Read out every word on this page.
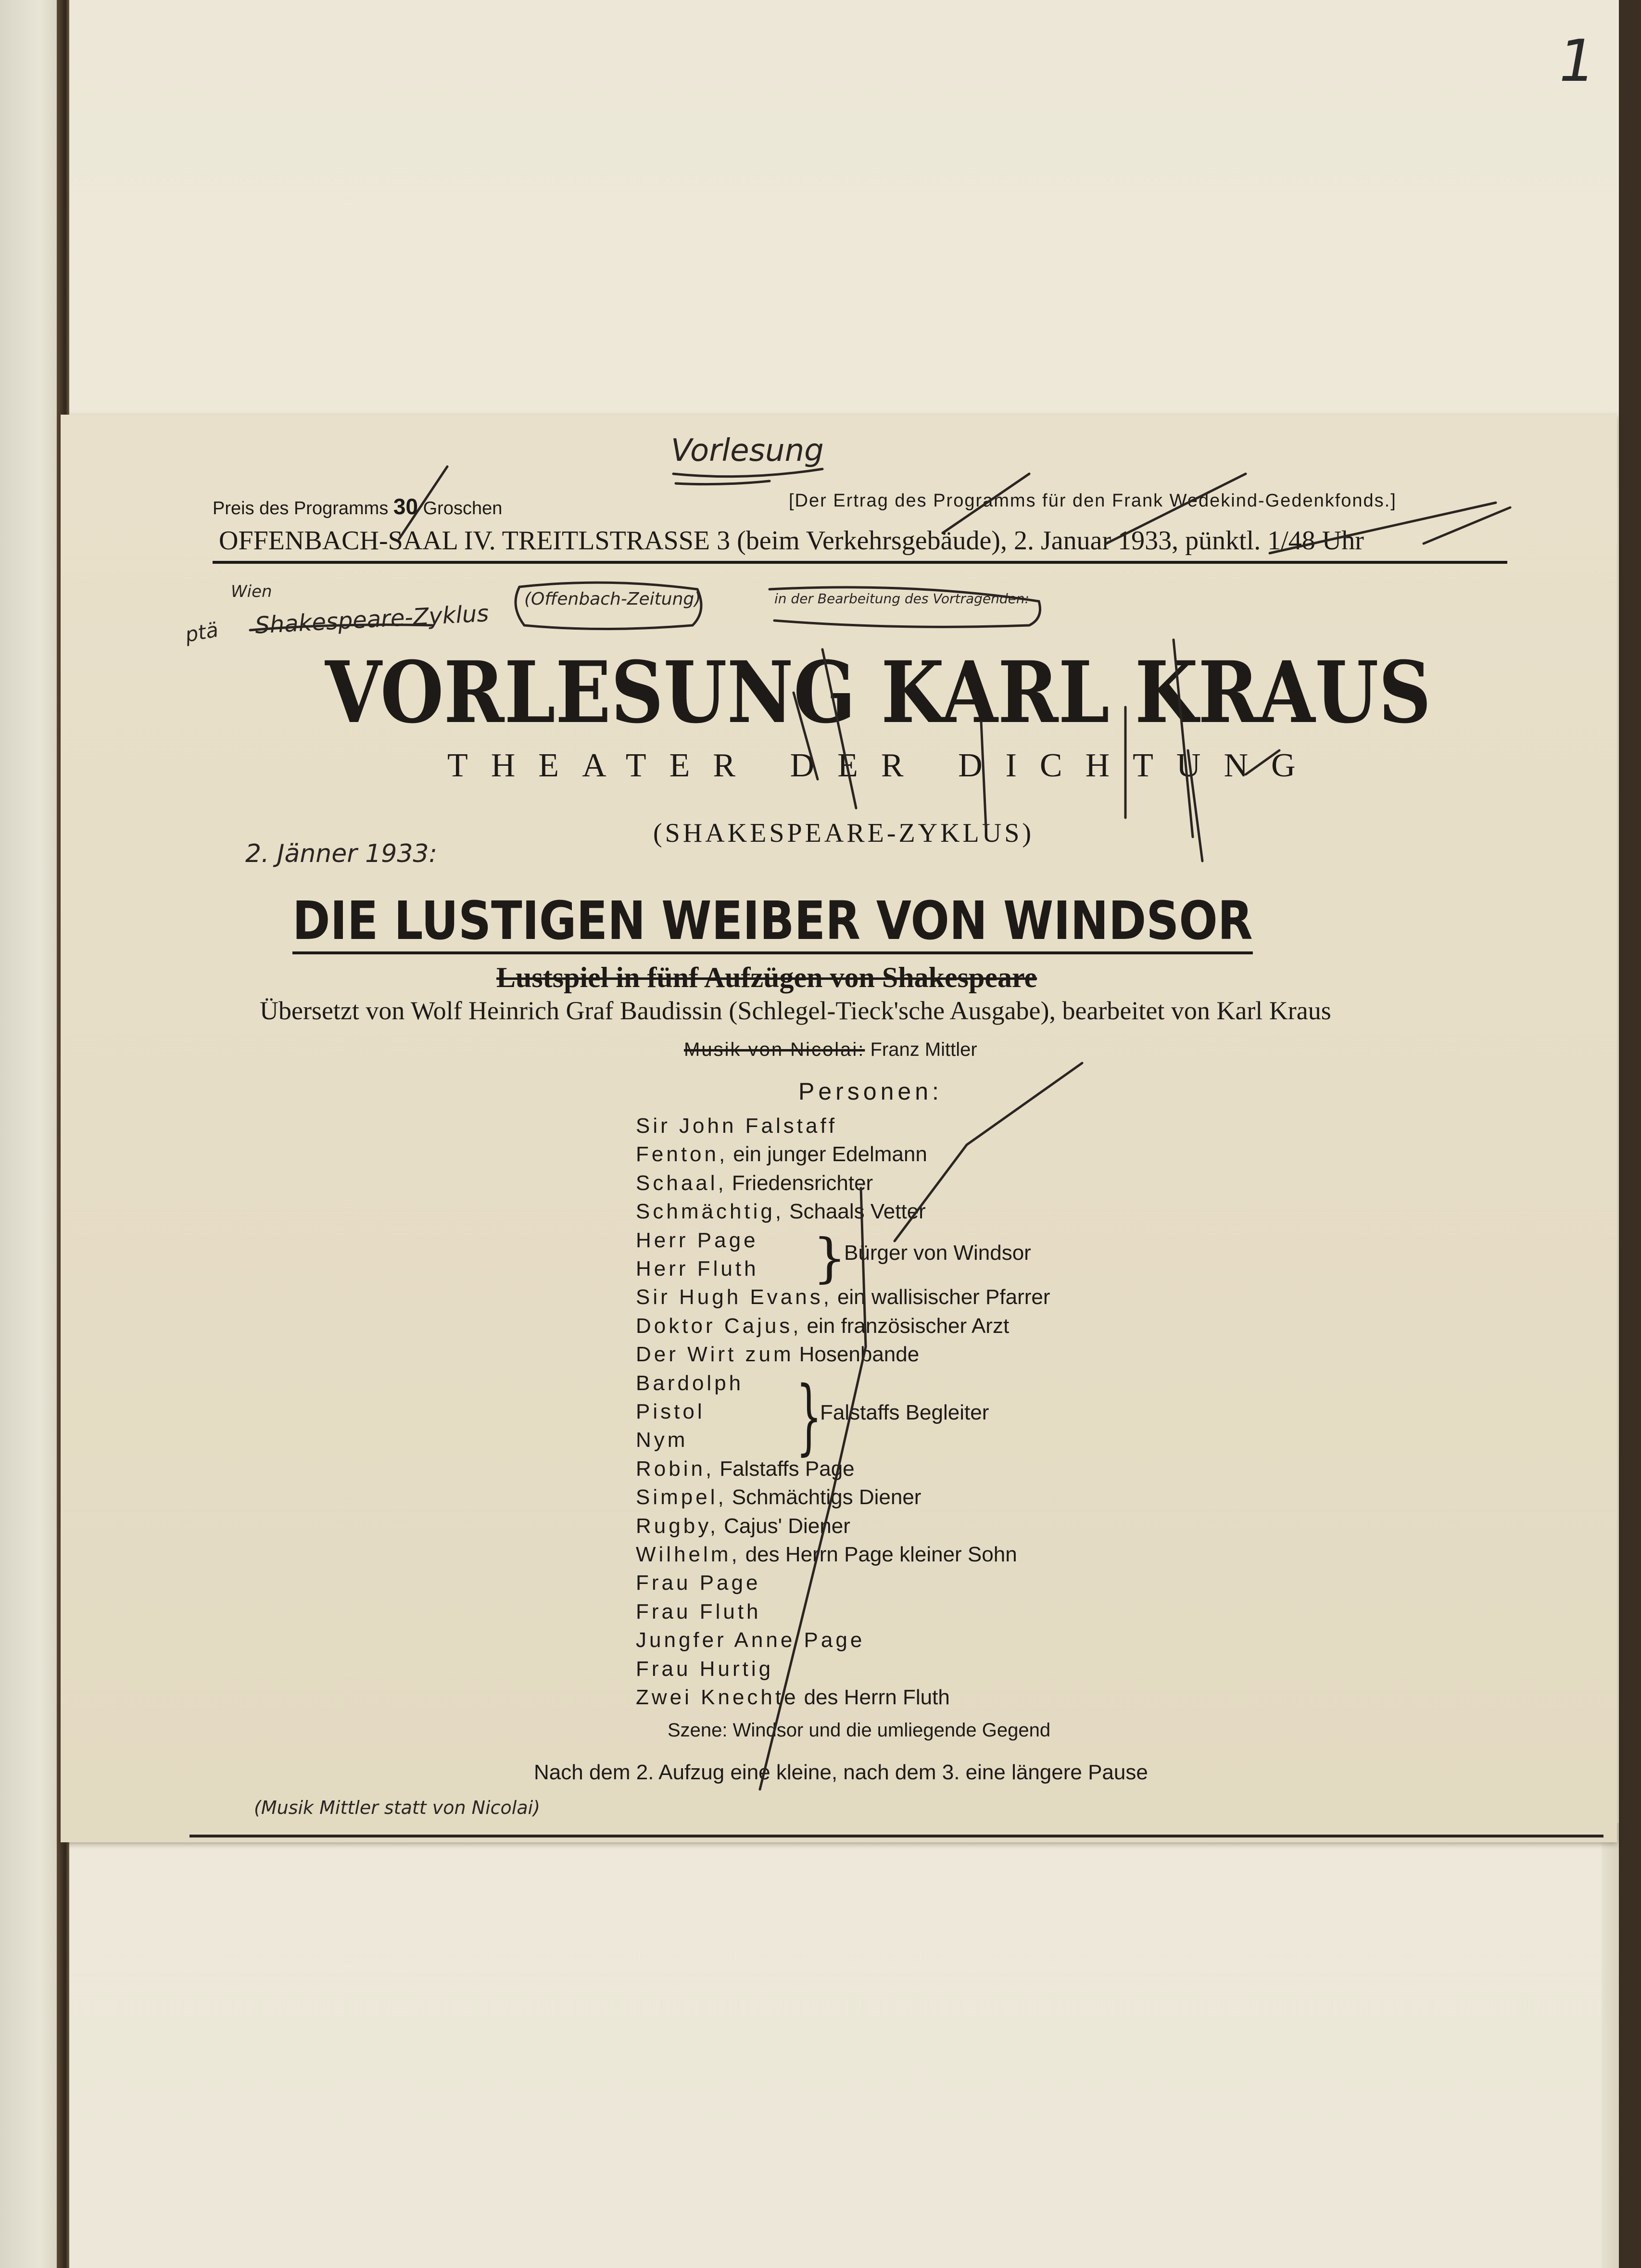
1
Vorlesung
Wien
ptä Shakespeare-Zyklus
(Offenbach-Zeitung)	in der Bearbeitung des Vortragenden:
2. Jänner 1933:
(Musik Mittler statt von Nicolai)
Preis des Programms 30 Groschen	[Der Ertrag des Programms für den Frank Wedekind-Gedenkfonds.]
OFFENBACH-SAAL IV. TREITLSTRASSE 3 (beim Verkehrsgebäude), 2. Januar 1933, pünktl. 1/48 Uhr
VORLESUNG KARL KRAUS
THEATER DER DICHTUNG
(SHAKESPEARE-ZYKLUS)
DIE LUSTIGEN WEIBER VON WINDSOR
Lustspiel in fünf Aufzügen von Shakespeare
Übersetzt von Wolf Heinrich Graf Baudissin (Schlegel-Tieck'sche Ausgabe), bearbeitet von Karl Kraus
Musik von Nicolai: Franz Mittler
Personen:
Sir John Falstaff
Fenton, ein junger Edelmann
Schaal, Friedensrichter
Schmächtig, Schaals Vetter
Herr Page
Herr Fluth
Sir Hugh Evans, ein wallisischer Pfarrer
Doktor Cajus, ein französischer Arzt
Der Wirt zum Hosenbande
Bardolph
Pistol
Nym
Robin, Falstaffs Page
Simpel, Schmächtigs Diener
Rugby, Cajus' Diener
Wilhelm, des Herrn Page kleiner Sohn
Frau Page
Frau Fluth
Jungfer Anne Page
Frau Hurtig
Zwei Knechte des Herrn Fluth
}
Bürger von Windsor
}
Falstaffs Begleiter
Szene: Windsor und die umliegende Gegend
Nach dem 2. Aufzug eine kleine, nach dem 3. eine längere Pause
